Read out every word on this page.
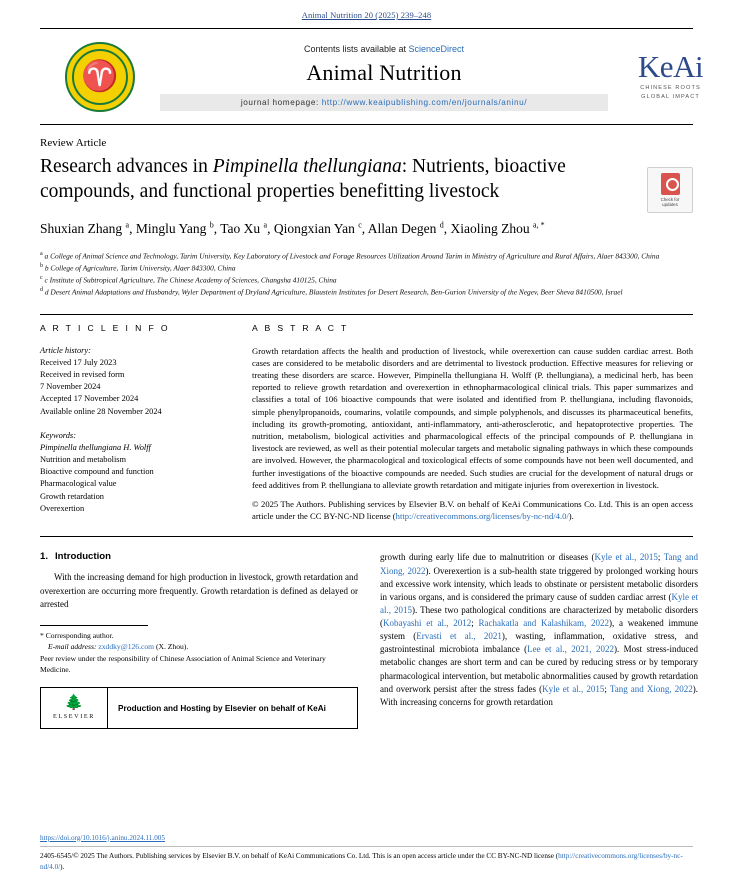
Animal Nutrition 20 (2025) 239–248
♈
Contents lists available at ScienceDirect
Animal Nutrition
journal homepage: http://www.keaipublishing.com/en/journals/aninu/
KeAi
CHINESE ROOTS
GLOBAL IMPACT
Review Article
Research advances in Pimpinella thellungiana: Nutrients, bioactive compounds, and functional properties benefitting livestock
Shuxian Zhang $^a$, Minglu Yang $^b$, Tao Xu $^a$, Qiongxian Yan $^c$, Allan Degen $^d$, Xiaoling Zhou $^{a, *}$
$^a$ a College of Animal Science and Technology, Tarim University, Key Laboratory of Livestock and Forage Resources Utilization Around Tarim in Ministry of Agriculture and Rural Affairs, Alaer 843300, China
$^b$ b College of Agriculture, Tarim University, Alaer 843300, China
$^c$ c Institute of Subtropical Agriculture, The Chinese Academy of Sciences, Changsha 410125, China
$^d$ d Desert Animal Adaptations and Husbandry, Wyler Department of Dryland Agriculture, Blaustein Institutes for Desert Research, Ben-Gurion University of the Negev, Beer Sheva 8410500, Israel
Check for
updates
A R T I C L E I N F O
Article history:
Received 17 July 2023
Received in revised form
7 November 2024
Accepted 17 November 2024
Available online 28 November 2024
Keywords:
Pimpinella thellungiana H. Wolff
Nutrition and metabolism
Bioactive compound and function
Pharmacological value
Growth retardation
Overexertion
A B S T R A C T
Growth retardation affects the health and production of livestock, while overexertion can cause sudden cardiac arrest. Both cases are considered to be metabolic disorders and are detrimental to livestock production. Effective measures for relieving or treating these disorders are scarce. However, Pimpinella thellungiana H. Wolff (P. thellungiana), a medicinal herb, has been reported to relieve growth retardation and overexertion in ethnopharmacological clinical trials. This paper summarizes and classifies a total of 106 bioactive compounds that were isolated and identified from P. thellungiana, including flavonoids, simple phenylpropanoids, coumarins, volatile compounds, and simple polyphenols, and discusses its pharmaceutical benefits, including its growth-promoting, antioxidant, anti-inflammatory, anti-atherosclerotic, and hepatoprotective properties. The nutrition, metabolism, biological activities and pharmacological effects of the principal compounds of P. thellungiana in livestock are reviewed, as well as their potential molecular targets and metabolic signaling pathways in which these compounds are involved. However, the pharmacological and toxicological effects of some compounds have not been well documented, and further investigations of the bioactive compounds are needed. Such studies are crucial for the development of natural drugs or feed additives from P. thellungiana to alleviate growth retardation and mitigate injuries from overexertion in livestock.
© 2025 The Authors. Publishing services by Elsevier B.V. on behalf of KeAi Communications Co. Ltd. This is an open access article under the CC BY-NC-ND license (http://creativecommons.org/licenses/by-nc-nd/4.0/).
1. Introduction
With the increasing demand for high production in livestock, growth retardation and overexertion are occurring more frequently. Growth retardation is defined as delayed or arrested
* Corresponding author.
E-mail address: zxddky@126.com (X. Zhou).
Peer review under the responsibility of Chinese Association of Animal Science and Veterinary Medicine.
🌲
ELSEVIER
Production and Hosting by Elsevier on behalf of KeAi
growth during early life due to malnutrition or diseases (Kyle et al., 2015; Tang and Xiong, 2022). Overexertion is a sub-health state triggered by prolonged working hours and excessive work intensity, which leads to obstinate or persistent metabolic disorders in various organs, and is considered the primary cause of sudden cardiac arrest (Kyle et al., 2015). These two pathological conditions are characterized by metabolic disorders (Kobayashi et al., 2012; Rachakatla and Kalashikam, 2022), a weakened immune system (Ervasti et al., 2021), wasting, inflammation, oxidative stress, and gastrointestinal microbiota imbalance (Lee et al., 2021, 2022). Most stress-induced metabolic changes are short term and can be cured by reducing stress or by temporary pharmacological intervention, but metabolic abnormalities caused by growth retardation and overwork persist after the stress fades (Kyle et al., 2015; Tang and Xiong, 2022). With increasing concerns for growth retardation
https://doi.org/10.1016/j.aninu.2024.11.005
2405-6545/© 2025 The Authors. Publishing services by Elsevier B.V. on behalf of KeAi Communications Co. Ltd. This is an open access article under the CC BY-NC-ND license (http://creativecommons.org/licenses/by-nc-nd/4.0/).
